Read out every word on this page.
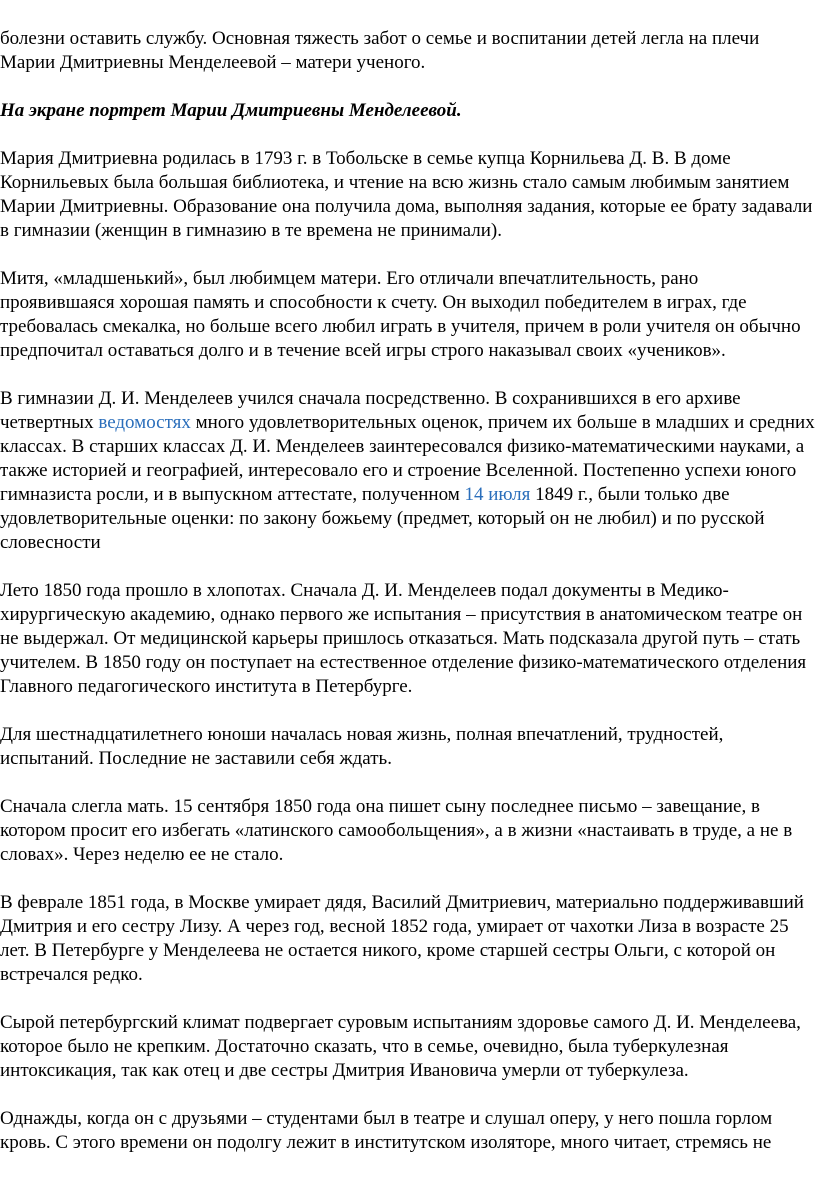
болезни оставить службу. Основная тяжесть забот о семье и воспитании детей легла на плечи Марии Дмитриевны Менделеевой – матери ученого.

На экране портрет Марии Дмитриевны Менделеевой.

Мария Дмитриевна родилась в 1793 г. в Тобольске в семье купца Корнильева Д. В. В доме Корнильевых была большая библиотека, и чтение на всю жизнь стало самым любимым занятием Марии Дмитриевны. Образование она получила дома, выполняя задания, которые ее брату задавали в гимназии (женщин в гимназию в те времена не принимали).

Митя, «младшенький», был любимцем матери. Его отличали впечатлительность, рано проявившаяся хорошая память и способности к счету. Он выходил победителем в играх, где требовалась смекалка, но больше всего любил играть в учителя, причем в роли учителя он обычно предпочитал оставаться долго и в течение всей игры строго наказывал своих «учеников».

В гимназии Д. И. Менделеев учился сначала посредственно. В сохранившихся в его архиве четвертных ведомостях много удовлетворительных оценок, причем их больше в младших и средних классах. В старших классах Д. И. Менделеев заинтересовался физико-математическими науками, а также историей и географией, интересовало его и строение Вселенной. Постепенно успехи юного гимназиста росли, и в выпускном аттестате, полученном 14 июля 1849 г., были только две удовлетворительные оценки: по закону божьему (предмет, который он не любил) и по русской словесности

Лето 1850 года прошло в хлопотах. Сначала Д. И. Менделеев подал документы в Медико-хирургическую академию, однако первого же испытания – присутствия в анатомическом театре он не выдержал. От медицинской карьеры пришлось отказаться. Мать подсказала другой путь – стать учителем. В 1850 году он поступает на естественное отделение физико-математического отделения Главного педагогического института в Петербурге.

Для шестнадцатилетнего юноши началась новая жизнь, полная впечатлений, трудностей, испытаний. Последние не заставили себя ждать.

Сначала слегла мать. 15 сентября 1850 года она пишет сыну последнее письмо – завещание, в котором просит его избегать «латинского самообольщения», а в жизни «настаивать в труде, а не в словах». Через неделю ее не стало.

В феврале 1851 года, в Москве умирает дядя, Василий Дмитриевич, материально поддерживавший Дмитрия и его сестру Лизу. А через год, весной 1852 года, умирает от чахотки Лиза в возрасте 25 лет. В Петербурге у Менделеева не остается никого, кроме старшей сестры Ольги, с которой он встречался редко.

Сырой петербургский климат подвергает суровым испытаниям здоровье самого Д. И. Менделеева, которое было не крепким. Достаточно сказать, что в семье, очевидно, была туберкулезная интоксикация, так как отец и две сестры Дмитрия Ивановича умерли от туберкулеза.

Однажды, когда он с друзьями – студентами был в театре и слушал оперу, у него пошла горлом кровь. С этого времени он подолгу лежит в институтском изоляторе, много читает, стремясь не
